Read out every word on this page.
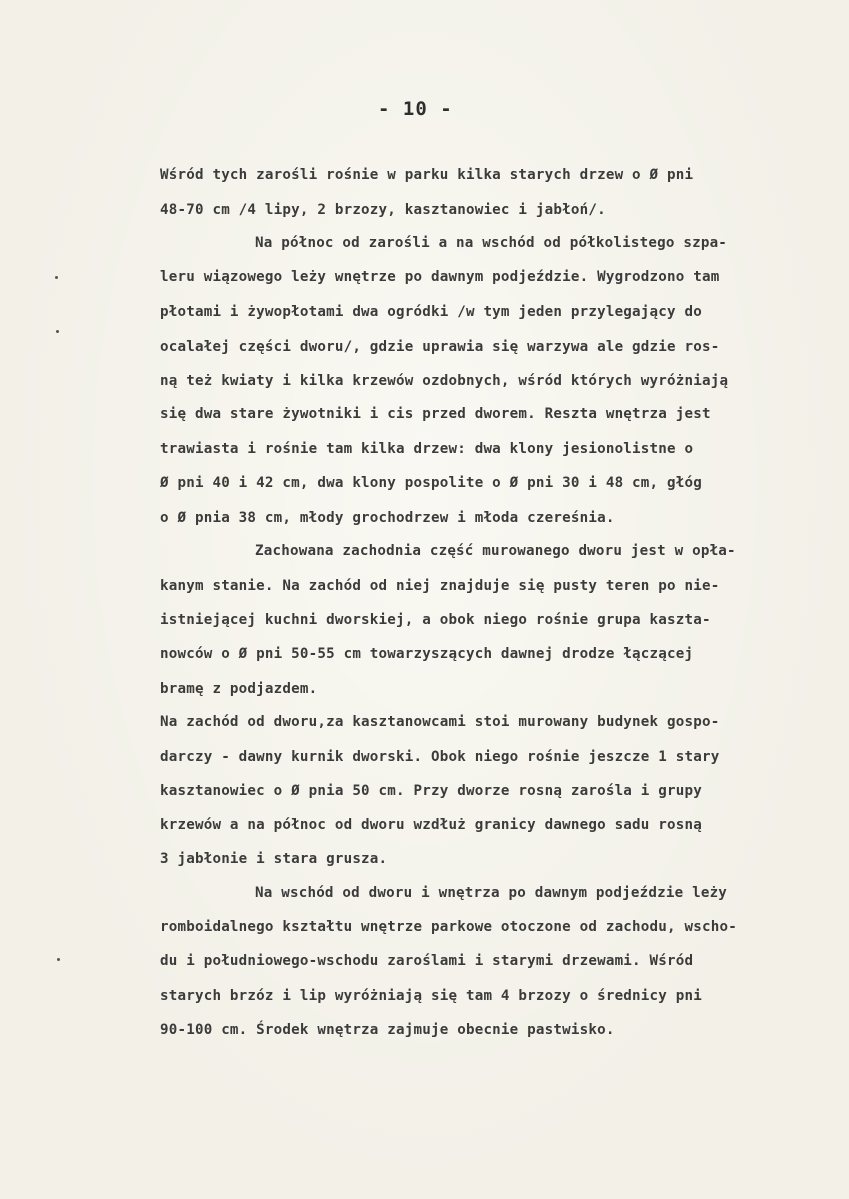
- 10 -
Wśród tych zarośli rośnie w parku kilka starych drzew o Ø pni
48-70 cm /4 lipy, 2 brzozy, kasztanowiec i jabłoń/.
Na północ od zarośli a na wschód od półkolistego szpa-
leru wiązowego leży wnętrze po dawnym podjeździe. Wygrodzono tam
płotami i żywopłotami dwa ogródki /w tym jeden przylegający do
ocalałej części dworu/, gdzie uprawia się warzywa ale gdzie ros-
ną też kwiaty i kilka krzewów ozdobnych, wśród których wyróżniają
się dwa stare żywotniki i cis przed dworem. Reszta wnętrza jest
trawiasta i rośnie tam kilka drzew: dwa klony jesionolistne o
Ø pni 40 i 42 cm, dwa klony pospolite o Ø pni 30 i 48 cm, głóg
o Ø pnia 38 cm, młody grochodrzew i młoda czereśnia.
Zachowana zachodnia część murowanego dworu jest w opła-
kanym stanie. Na zachód od niej znajduje się pusty teren po nie-
istniejącej kuchni dworskiej, a obok niego rośnie grupa kaszta-
nowców o Ø pni 50-55 cm towarzyszących dawnej drodze łączącej
bramę z podjazdem.
Na zachód od dworu,za kasztanowcami stoi murowany budynek gospo-
darczy - dawny kurnik dworski. Obok niego rośnie jeszcze 1 stary
kasztanowiec o Ø pnia 50 cm. Przy dworze rosną zarośla i grupy
krzewów a na północ od dworu wzdłuż granicy dawnego sadu rosną
3 jabłonie i stara grusza.
Na wschód od dworu i wnętrza po dawnym podjeździe leży
romboidalnego kształtu wnętrze parkowe otoczone od zachodu, wscho-
du i południowego-wschodu zaroślami i starymi drzewami. Wśród
starych brzóz i lip wyróżniają się tam 4 brzozy o średnicy pni
90-100 cm. Środek wnętrza zajmuje obecnie pastwisko.
